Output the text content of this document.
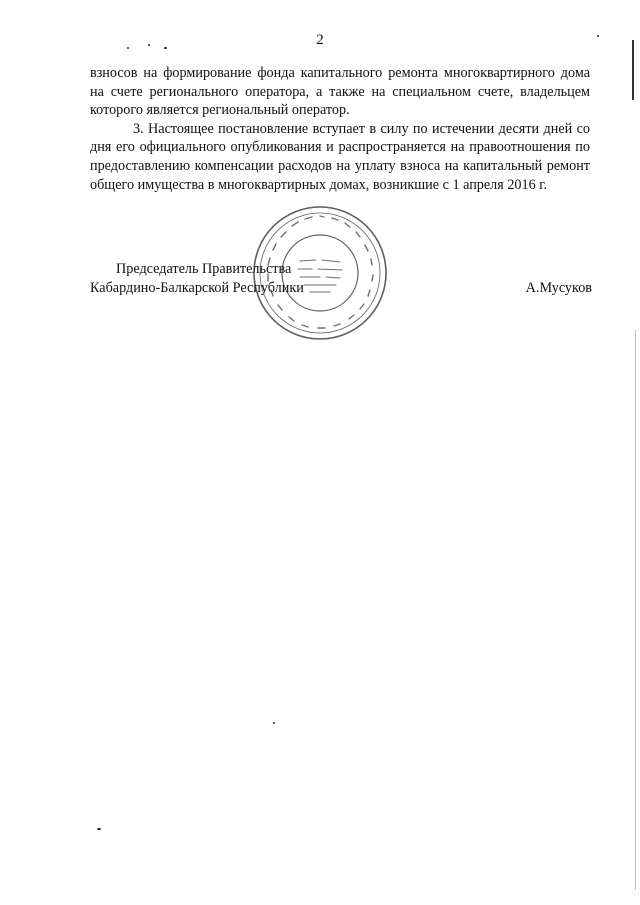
2

взносов на формирование фонда капитального ремонта многоквартирного дома на счете регионального оператора, а также на специальном счете, владельцем которого является региональный оператор.

3. Настоящее постановление вступает в силу по истечении десяти дней со дня его официального опубликования и распространяется на правоотношения по предоставлению компенсации расходов на уплату взноса на капитальный ремонт общего имущества в многоквартирных домах, возникшие с 1 апреля 2016 г.

Председатель Правительства
Кабардино-Балкарской Республики	А.Мусуков
